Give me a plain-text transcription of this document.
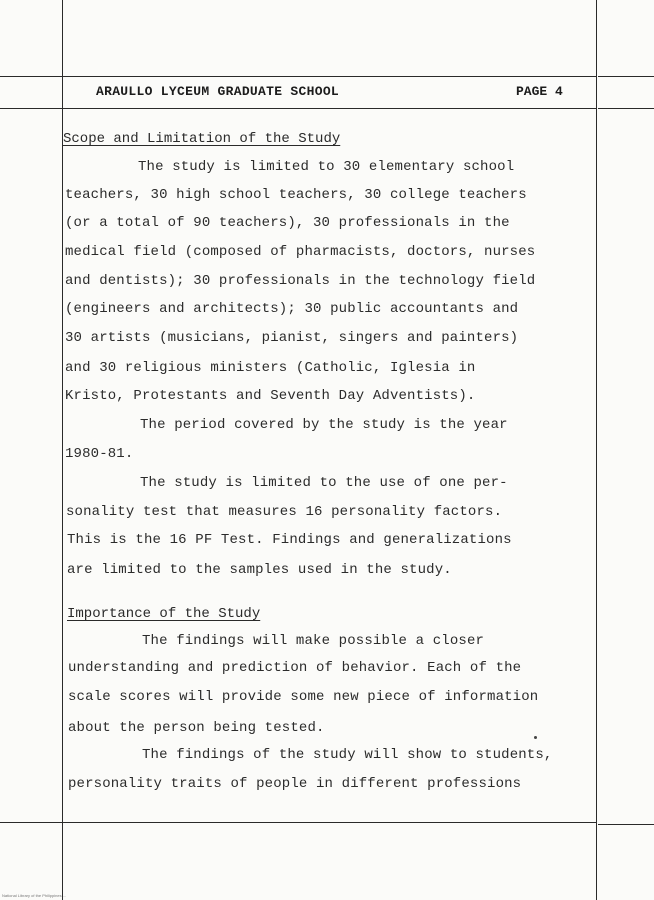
ARAULLO LYCEUM GRADUATE SCHOOL	PAGE 4
Scope and Limitation of the Study
The study is limited to 30 elementary school
teachers, 30 high school teachers, 30 college teachers
(or a total of 90 teachers), 30 professionals in the
medical field (composed of pharmacists, doctors, nurses
and dentists); 30 professionals in the technology field
(engineers and architects); 30 public accountants and
30 artists (musicians, pianist, singers and painters)
and 30 religious ministers (Catholic, Iglesia in
Kristo, Protestants and Seventh Day Adventists).
The period covered by the study is the year
1980-81.
The study is limited to the use of one per-
sonality test that measures 16 personality factors.
This is the 16 PF Test. Findings and generalizations
are limited to the samples used in the study.
Importance of the Study
The findings will make possible a closer
understanding and prediction of behavior. Each of the
scale scores will provide some new piece of information
about the person being tested.
The findings of the study will show to students,
personality traits of people in different professions
National Library of the Philippines ...
